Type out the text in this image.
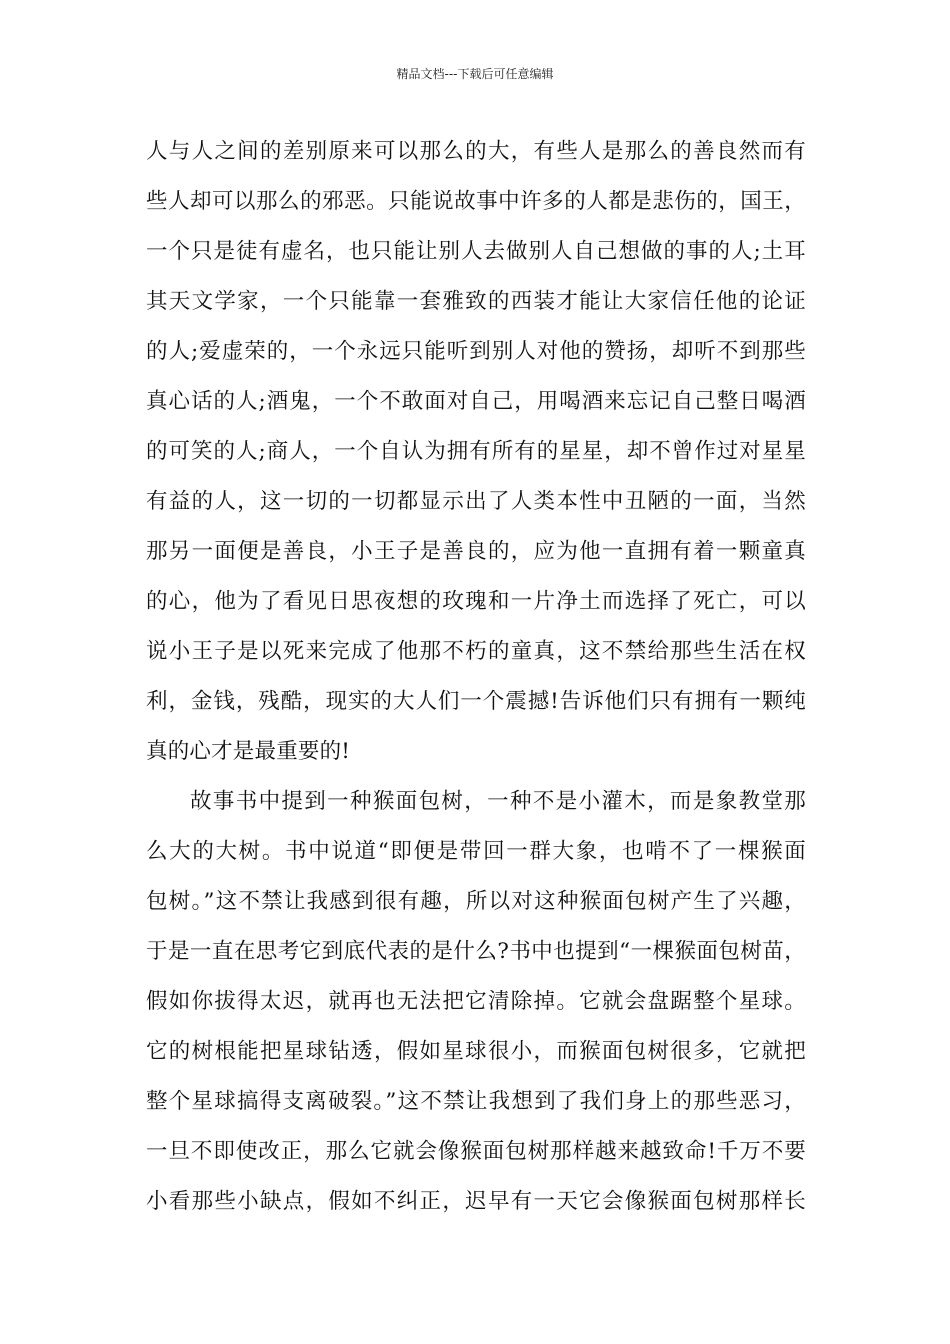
精品文档---下载后可任意编辑
人与人之间的差别原来可以那么的大，有些人是那么的善良然而有
些人却可以那么的邪恶。只能说故事中许多的人都是悲伤的，国王，
一个只是徒有虚名，也只能让别人去做别人自己想做的事的人;土耳
其天文学家，一个只能靠一套雅致的西装才能让大家信任他的论证
的人;爱虚荣的，一个永远只能听到别人对他的赞扬，却听不到那些
真心话的人;酒鬼，一个不敢面对自己，用喝酒来忘记自己整日喝酒
的可笑的人;商人，一个自认为拥有所有的星星，却不曾作过对星星
有益的人，这一切的一切都显示出了人类本性中丑陋的一面，当然
那另一面便是善良，小王子是善良的，应为他一直拥有着一颗童真
的心，他为了看见日思夜想的玫瑰和一片净土而选择了死亡，可以
说小王子是以死来完成了他那不朽的童真，这不禁给那些生活在权
利，金钱，残酷，现实的大人们一个震撼!告诉他们只有拥有一颗纯
真的心才是最重要的!
故事书中提到一种猴面包树，一种不是小灌木，而是象教堂那
么大的大树。书中说道“即便是带回一群大象，也啃不了一棵猴面
包树。”这不禁让我感到很有趣，所以对这种猴面包树产生了兴趣，
于是一直在思考它到底代表的是什么?书中也提到“一棵猴面包树苗，
假如你拔得太迟，就再也无法把它清除掉。它就会盘踞整个星球。
它的树根能把星球钻透，假如星球很小，而猴面包树很多，它就把
整个星球搞得支离破裂。”这不禁让我想到了我们身上的那些恶习，
一旦不即使改正，那么它就会像猴面包树那样越来越致命!千万不要
小看那些小缺点，假如不纠正，迟早有一天它会像猴面包树那样长
